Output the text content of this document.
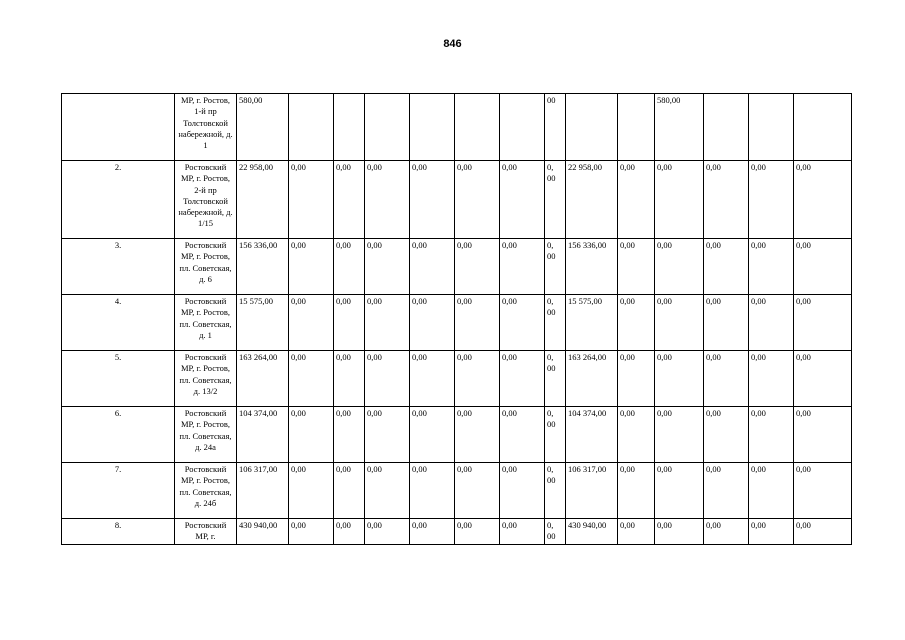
846
	МР, г. Ростов, 1-й пр Толстовской набережной, д. 1	580,00							00			580,00			
2.	Ростовский МР, г. Ростов, 2-й пр Толстовской набережной, д. 1/15	22 958,00	0,00	0,00	0,00	0,00	0,00	0,00	0, 00	22 958,00	0,00	0,00	0,00	0,00	0,00
3.	Ростовский МР, г. Ростов, пл. Советская, д. 6	156 336,00	0,00	0,00	0,00	0,00	0,00	0,00	0, 00	156 336,00	0,00	0,00	0,00	0,00	0,00
4.	Ростовский МР, г. Ростов, пл. Советская, д. 1	15 575,00	0,00	0,00	0,00	0,00	0,00	0,00	0, 00	15 575,00	0,00	0,00	0,00	0,00	0,00
5.	Ростовский МР, г. Ростов, пл. Советская, д. 13/2	163 264,00	0,00	0,00	0,00	0,00	0,00	0,00	0, 00	163 264,00	0,00	0,00	0,00	0,00	0,00
6.	Ростовский МР, г. Ростов, пл. Советская, д. 24а	104 374,00	0,00	0,00	0,00	0,00	0,00	0,00	0, 00	104 374,00	0,00	0,00	0,00	0,00	0,00
7.	Ростовский МР, г. Ростов, пл. Советская, д. 24б	106 317,00	0,00	0,00	0,00	0,00	0,00	0,00	0, 00	106 317,00	0,00	0,00	0,00	0,00	0,00
8.	Ростовский МР, г.	430 940,00	0,00	0,00	0,00	0,00	0,00	0,00	0, 00	430 940,00	0,00	0,00	0,00	0,00	0,00
